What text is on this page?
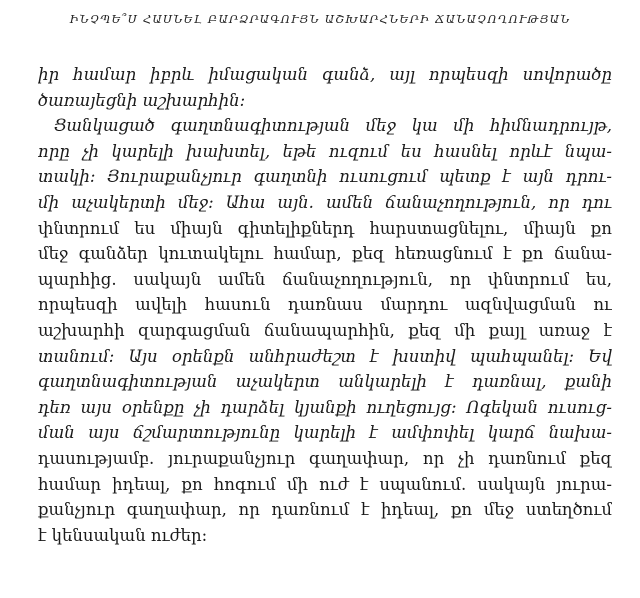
ԻՆՉՊԵ՞Ս ՀԱՍՆԵԼ ԲԱՐՁՐԱԳՈՒՅՆ ԱՇԽԱՐՀՆԵՐԻ ՃԱՆԱՉՈՂՈՒԹՅԱՆ
իր համար իբրև իմացական գանձ, այլ որպեսզի սովորածը
ծառայեցնի աշխարհին:
Ցանկացած գաղտնագիտության մեջ կա մի հիմնադրույթ,
որը չի կարելի խախտել, եթե ուզում ես հասնել որևէ նպա-
տակի: Յուրաքանչյուր գաղտնի ուսուցում պետք է այն դրու-
մի աչակերտի մեջ: Ահա այն. ամեն ճանաչողություն, որ դու
փնտրում ես միայն գիտելիքներդ հարստացնելու, միայն քո
մեջ գանձեր կուտակելու համար, քեզ հեռացնում է քո ճանա-
պարհից. սակայն ամեն ճանաչողություն, որ փնտրում ես,
որպեսզի ավելի հասուն դառնաս մարդու ազնվացման ու
աշխարհի զարգացման ճանապարհին, քեզ մի քայլ առաջ է
տանում: Այս օրենքն անհրաժեշտ է խստիվ պահպանել: Եվ
գաղտնագիտության աչակերտ անկարելի է դառնալ, քանի
դեռ այս օրենքը չի դարձել կյանքի ուղեցույց: Ոգեկան ուսուց-
ման այս ճշմարտությունը կարելի է ամփոփել կարճ նախա-
դասությամբ. յուրաքանչյուր գաղափար, որ չի դառնում քեզ
համար իդեալ, քո հոգում մի ուժ է սպանում. սակայն յուրա-
քանչյուր գաղափար, որ դառնում է իդեալ, քո մեջ ստեղծում
է կենսական ուժեր:
